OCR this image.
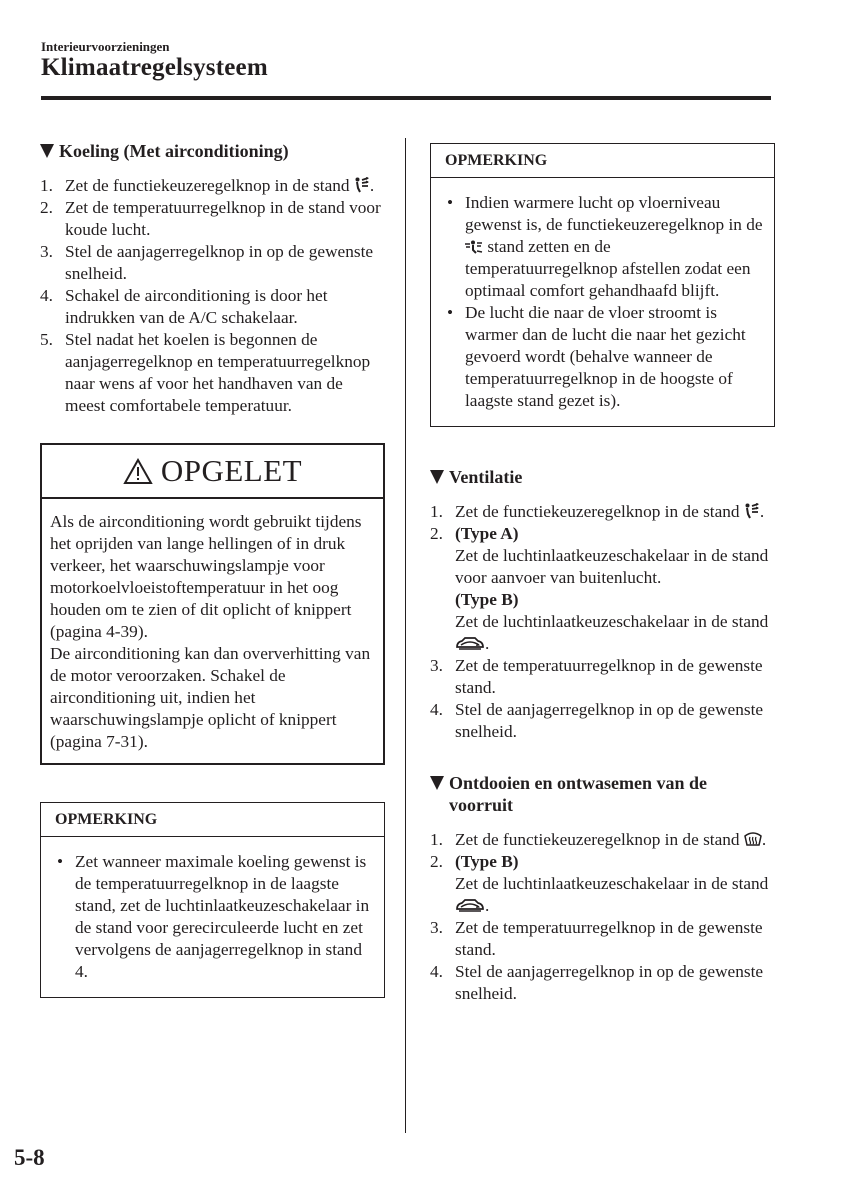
Interieurvoorzieningen
Klimaatregelsysteem
Koeling (Met airconditioning)
1. Zet de functiekeuzeregelknop in de stand .
2. Zet de temperatuurregelknop in de stand voor koude lucht.
3. Stel de aanjagerregelknop in op de gewenste snelheid.
4. Schakel de airconditioning is door het indrukken van de A/C schakelaar.
5. Stel nadat het koelen is begonnen de aanjagerregelknop en temperatuurregelknop naar wens af voor het handhaven van de meest comfortabele temperatuur.
OPGELET

Als de airconditioning wordt gebruikt tijdens het oprijden van lange hellingen of in druk verkeer, het waarschuwingslampje voor motorkoelvloeistoftemperatuur in het oog houden om te zien of dit oplicht of knippert (pagina 4-39).

De airconditioning kan dan oververhitting van de motor veroorzaken. Schakel de airconditioning uit, indien het waarschuwingslampje oplicht of knippert (pagina 7-31).

OPMERKING
• Zet wanneer maximale koeling gewenst is de temperatuurregelknop in de laagste stand, zet de luchtinlaatkeuzeschakelaar in de stand voor gerecirculeerde lucht en zet vervolgens de aanjagerregelknop in stand 4.
OPMERKING
• Indien warmere lucht op vloerniveau gewenst is, de functiekeuzeregelknop in de  stand zetten en de temperatuurregelknop afstellen zodat een optimaal comfort gehandhaafd blijft.
• De lucht die naar de vloer stroomt is warmer dan de lucht die naar het gezicht gevoerd wordt (behalve wanneer de temperatuurregelknop in de hoogste of laagste stand gezet is).
Ventilatie
1. Zet de functiekeuzeregelknop in de stand .
2. (Type A)
Zet de luchtinlaatkeuzeschakelaar in de stand voor aanvoer van buitenlucht.
(Type B)
Zet de luchtinlaatkeuzeschakelaar in de stand .
3. Zet de temperatuurregelknop in de gewenste stand.
4. Stel de aanjagerregelknop in op de gewenste snelheid.
Ontdooien en ontwasemen van de voorruit
1. Zet de functiekeuzeregelknop in de stand .
2. (Type B)
Zet de luchtinlaatkeuzeschakelaar in de stand .
3. Zet de temperatuurregelknop in de gewenste stand.
4. Stel de aanjagerregelknop in op de gewenste snelheid.
5-8
